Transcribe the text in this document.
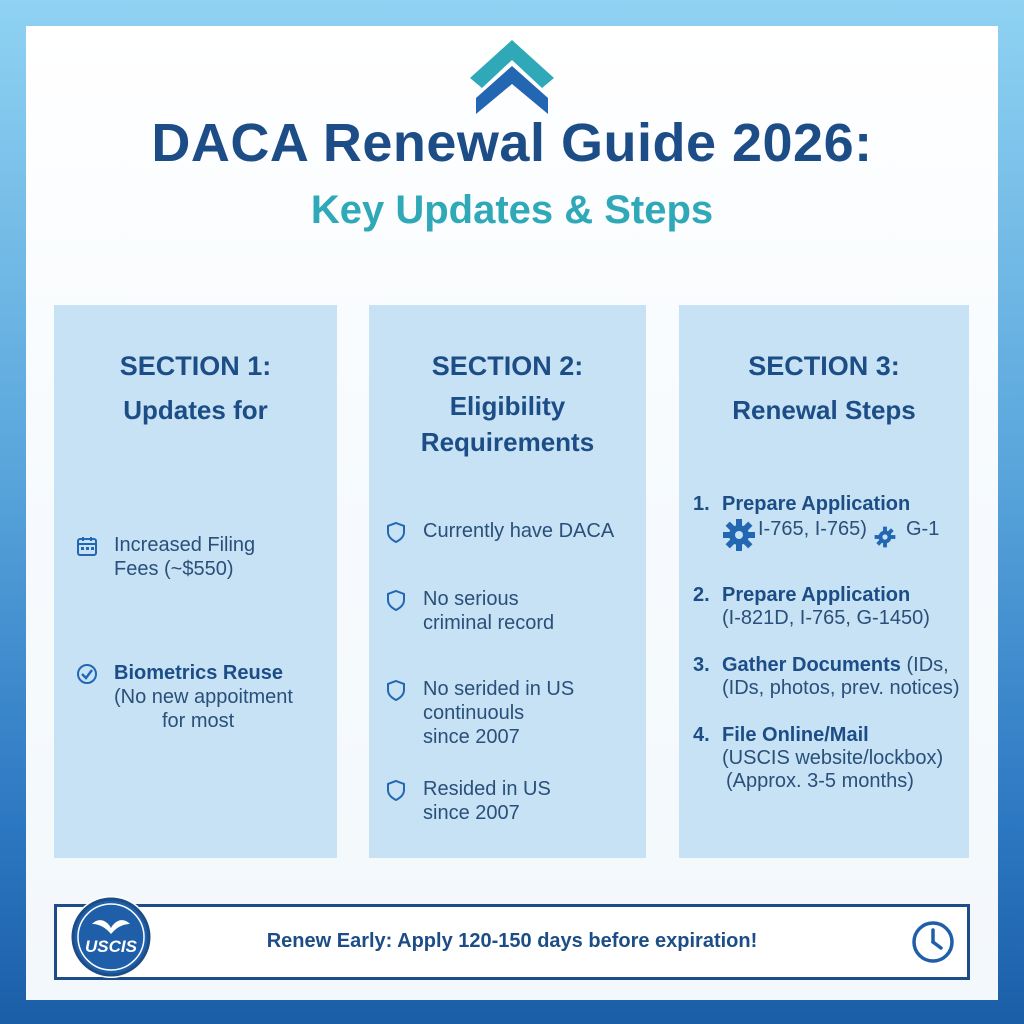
DACA Renewal Guide 2026:
Key Updates & Steps
SECTION 1:
Updates for
Increased Filing
Fees (~$550)
Biometrics Reuse
(No new appoitment
for most
SECTION 2:
Eligibility
Requirements
Currently have DACA
No serious
criminal record
No serided in US
continuouls
since 2007
Resided in US
since 2007
SECTION 3:
Renewal Steps
1. Prepare Application
I-765, I-765) G-1
2. Prepare Application
(I-821D, I-765, G-1450)
3. Gather Documents (IDs,
(IDs, photos, prev. notices)
4. File Online/Mail
(USCIS website/lockbox)
(Approx. 3-5 months)
USCIS	Renew Early: Apply 120-150 days before expiration!
